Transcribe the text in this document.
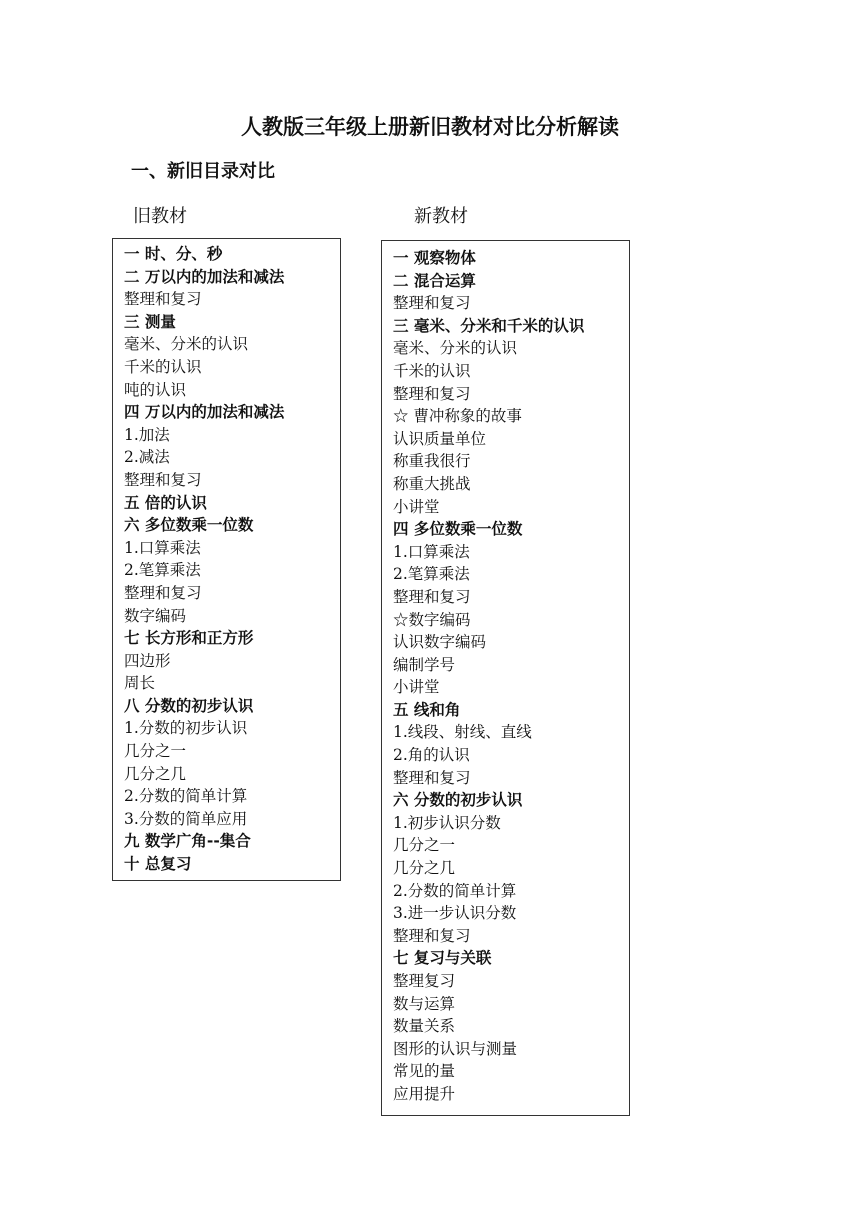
人教版三年级上册新旧教材对比分析解读
一、新旧目录对比
旧教材	新教材
一 时、分、秒
二 万以内的加法和减法
整理和复习
三 测量
毫米、分米的认识
千米的认识
吨的认识
四 万以内的加法和减法
1.加法
2.减法
整理和复习
五 倍的认识
六 多位数乘一位数
1.口算乘法
2.笔算乘法
整理和复习
数字编码
七 长方形和正方形
四边形
周长
八 分数的初步认识
1.分数的初步认识
几分之一
几分之几
2.分数的简单计算
3.分数的简单应用
九 数学广角--集合
十 总复习
一 观察物体
二 混合运算
整理和复习
三 毫米、分米和千米的认识
毫米、分米的认识
千米的认识
整理和复习
☆ 曹冲称象的故事
认识质量单位
称重我很行
称重大挑战
小讲堂
四 多位数乘一位数
1.口算乘法
2.笔算乘法
整理和复习
☆数字编码
认识数字编码
编制学号
小讲堂
五 线和角
1.线段、射线、直线
2.角的认识
整理和复习
六 分数的初步认识
1.初步认识分数
几分之一
几分之几
2.分数的简单计算
3.进一步认识分数
整理和复习
七 复习与关联
整理复习
数与运算
数量关系
图形的认识与测量
常见的量
应用提升
